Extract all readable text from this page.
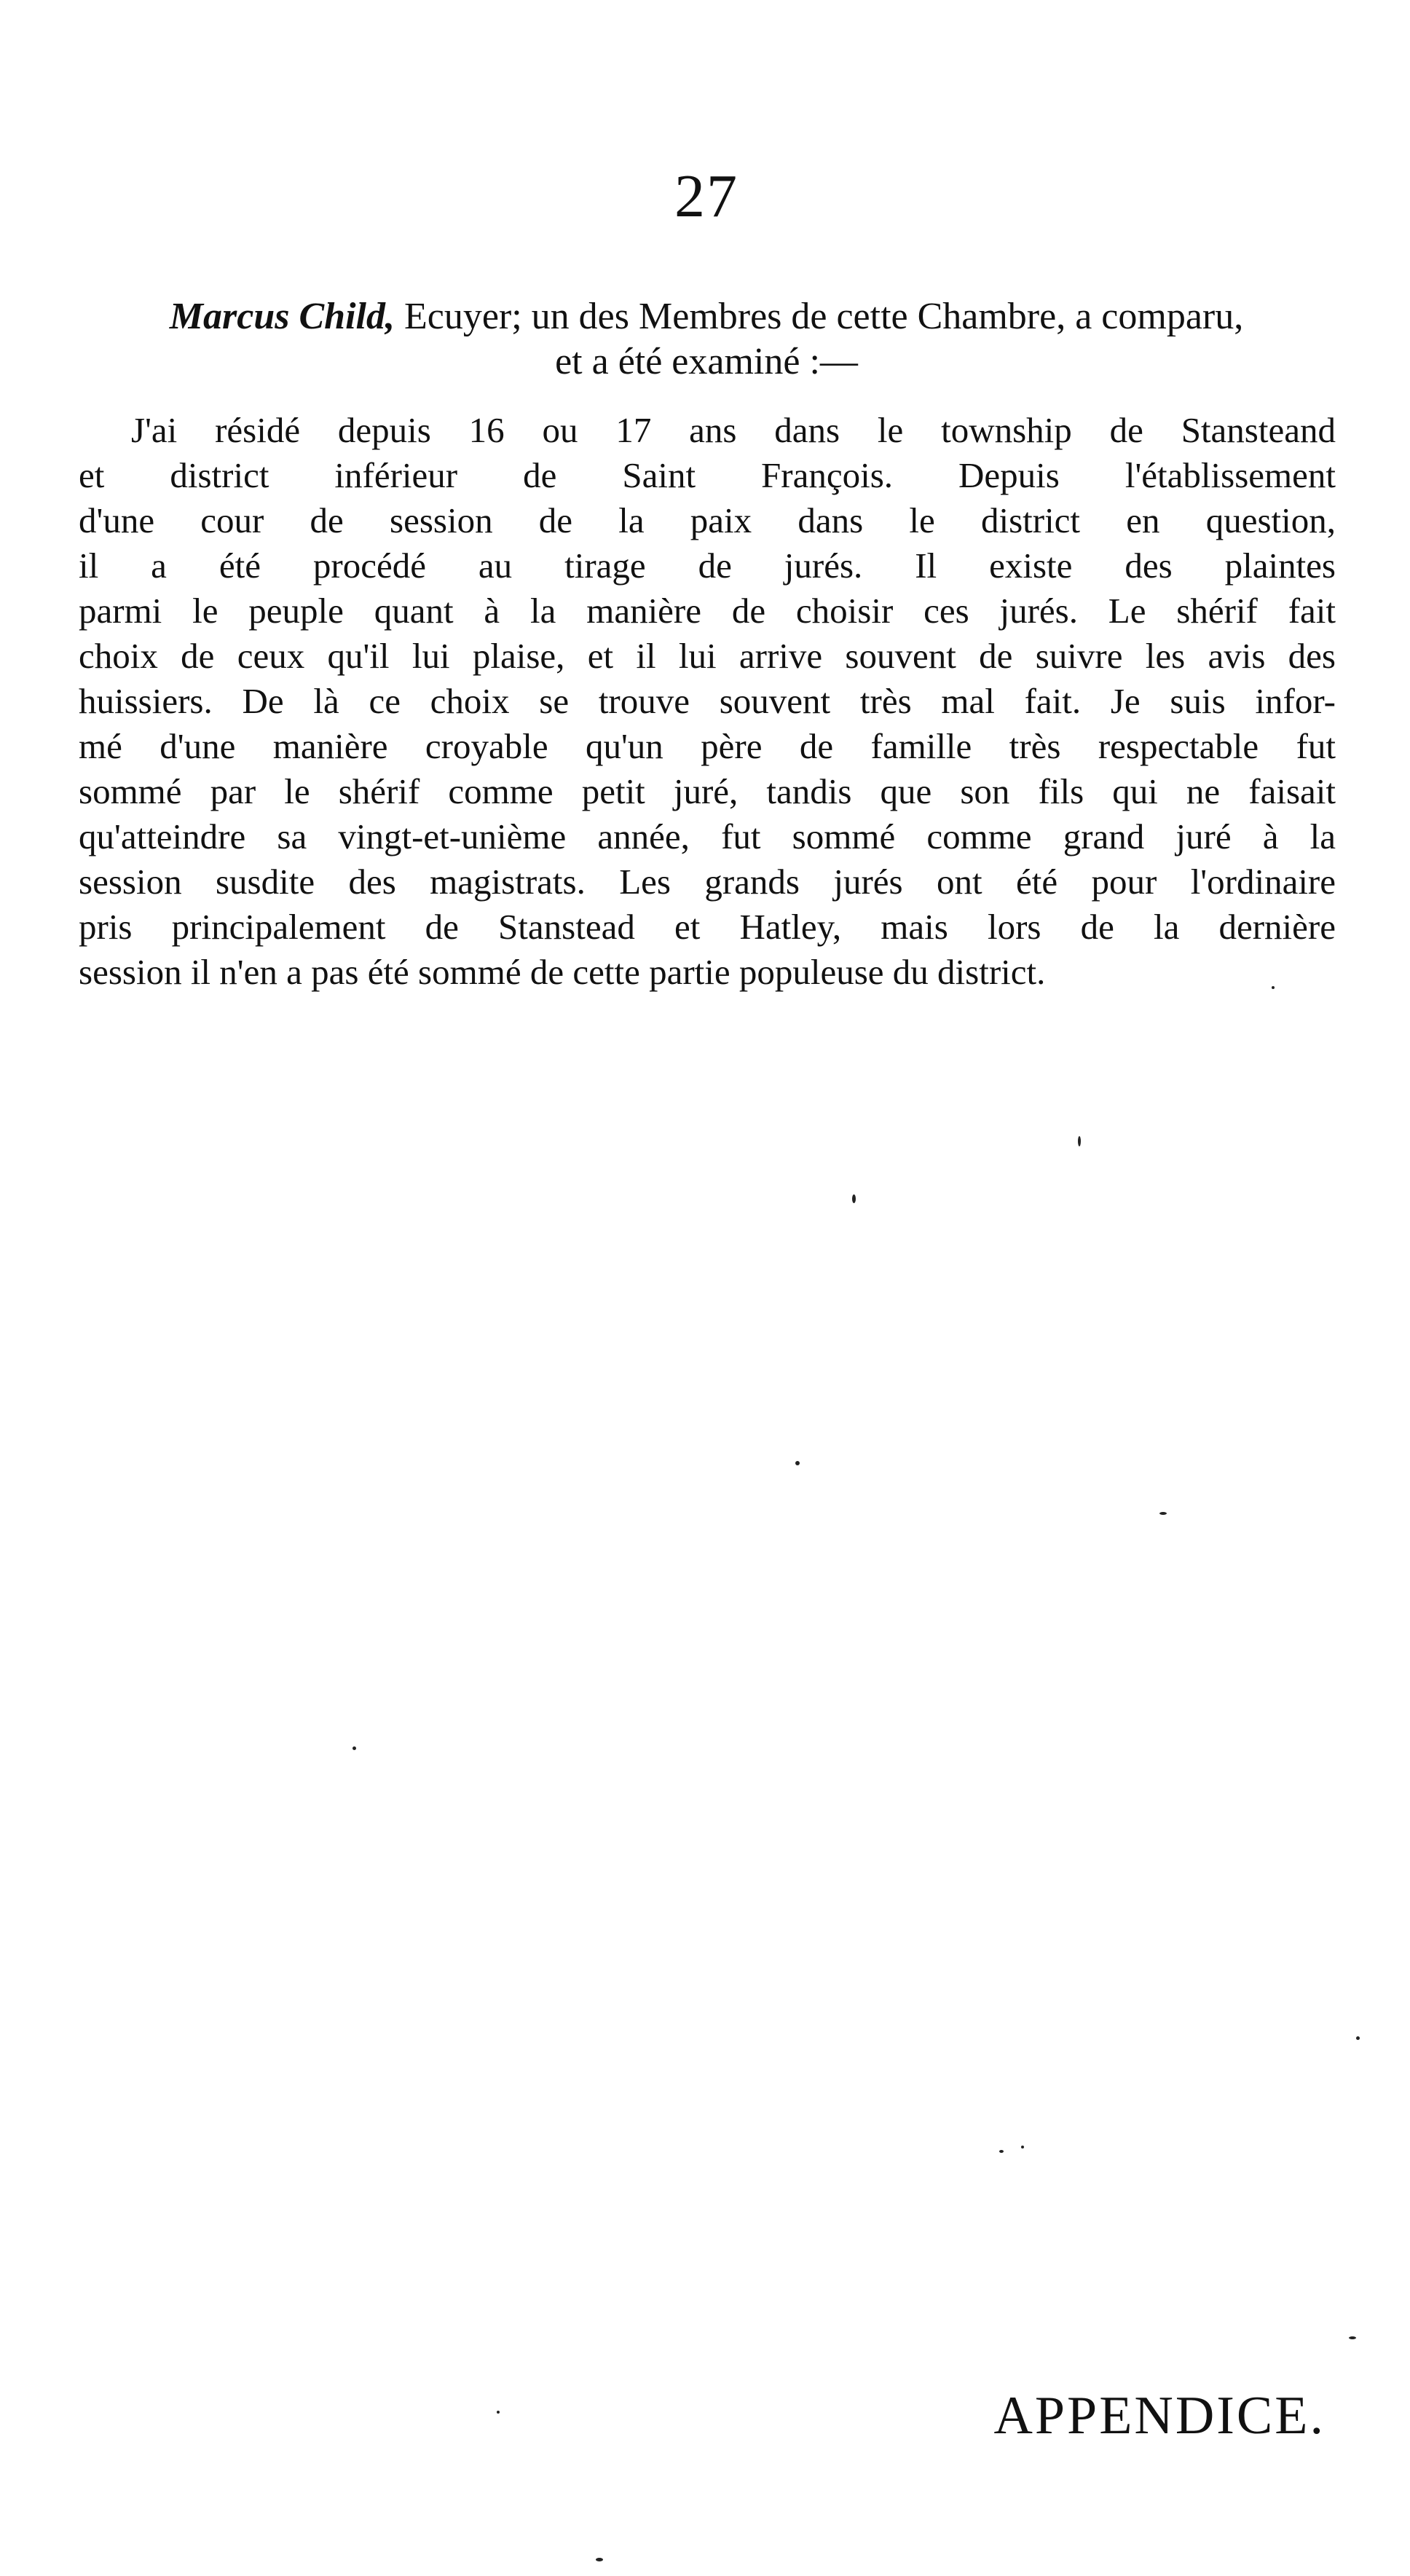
27
Marcus Child, Ecuyer; un des Membres de cette Chambre, a comparu,
et a été examiné :—
J'ai résidé depuis 16 ou 17 ans dans le township de Stansteand
et district inférieur de Saint François. Depuis l'établissement
d'une cour de session de la paix dans le district en question,
il a été procédé au tirage de jurés. Il existe des plaintes
parmi le peuple quant à la manière de choisir ces jurés. Le shérif fait
choix de ceux qu'il lui plaise, et il lui arrive souvent de suivre les avis des
huissiers. De là ce choix se trouve souvent très mal fait. Je suis infor-
mé d'une manière croyable qu'un père de famille très respectable fut
sommé par le shérif comme petit juré, tandis que son fils qui ne faisait
qu'atteindre sa vingt-et-unième année, fut sommé comme grand juré à la
session susdite des magistrats. Les grands jurés ont été pour l'ordinaire
pris principalement de Stanstead et Hatley, mais lors de la dernière
session il n'en a pas été sommé de cette partie populeuse du district.
APPENDICE.
